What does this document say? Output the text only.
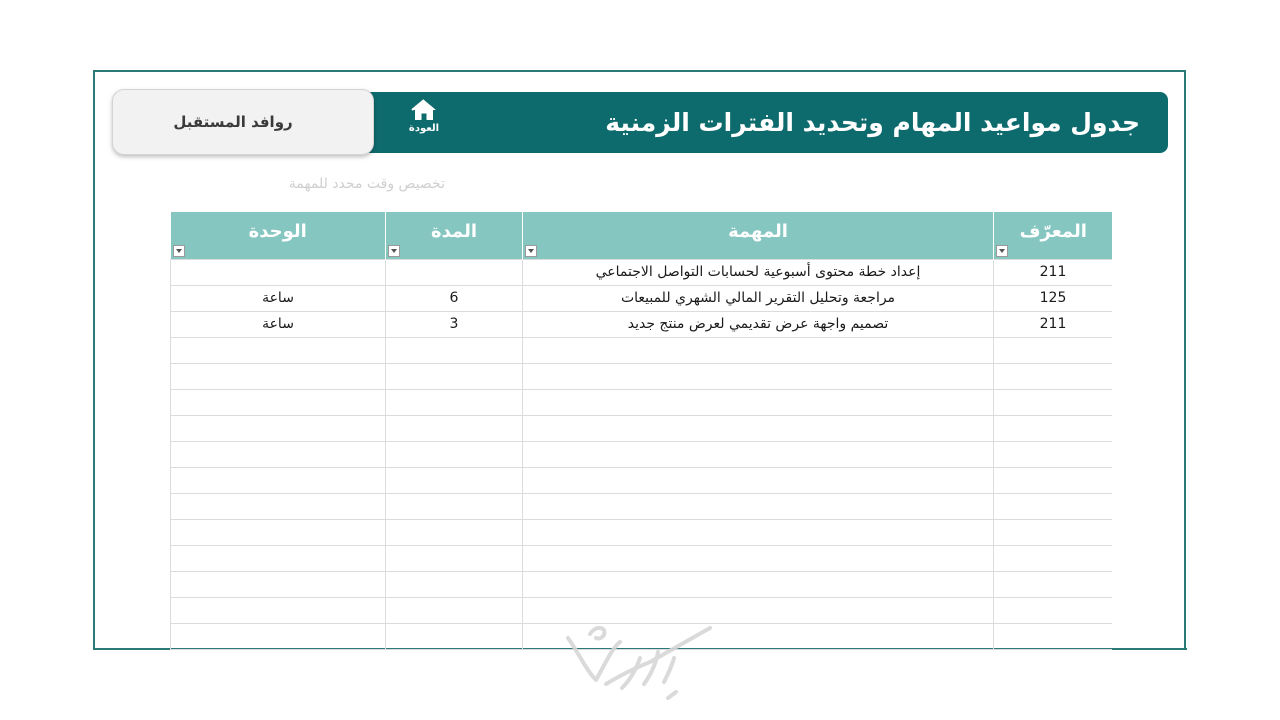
جدول مواعيد المهام وتحديد الفترات الزمنية
العودة
روافد المستقبل
تخصيص وقت محدد للمهمة
الوحدة	المدة	المهمة	المعرّف

		إعداد خطة محتوى أسبوعية لحسابات التواصل الاجتماعي	211
ساعة	6	مراجعة وتحليل التقرير المالي الشهري للمبيعات	125
ساعة	3	تصميم واجهة عرض تقديمي لعرض منتج جديد	211
